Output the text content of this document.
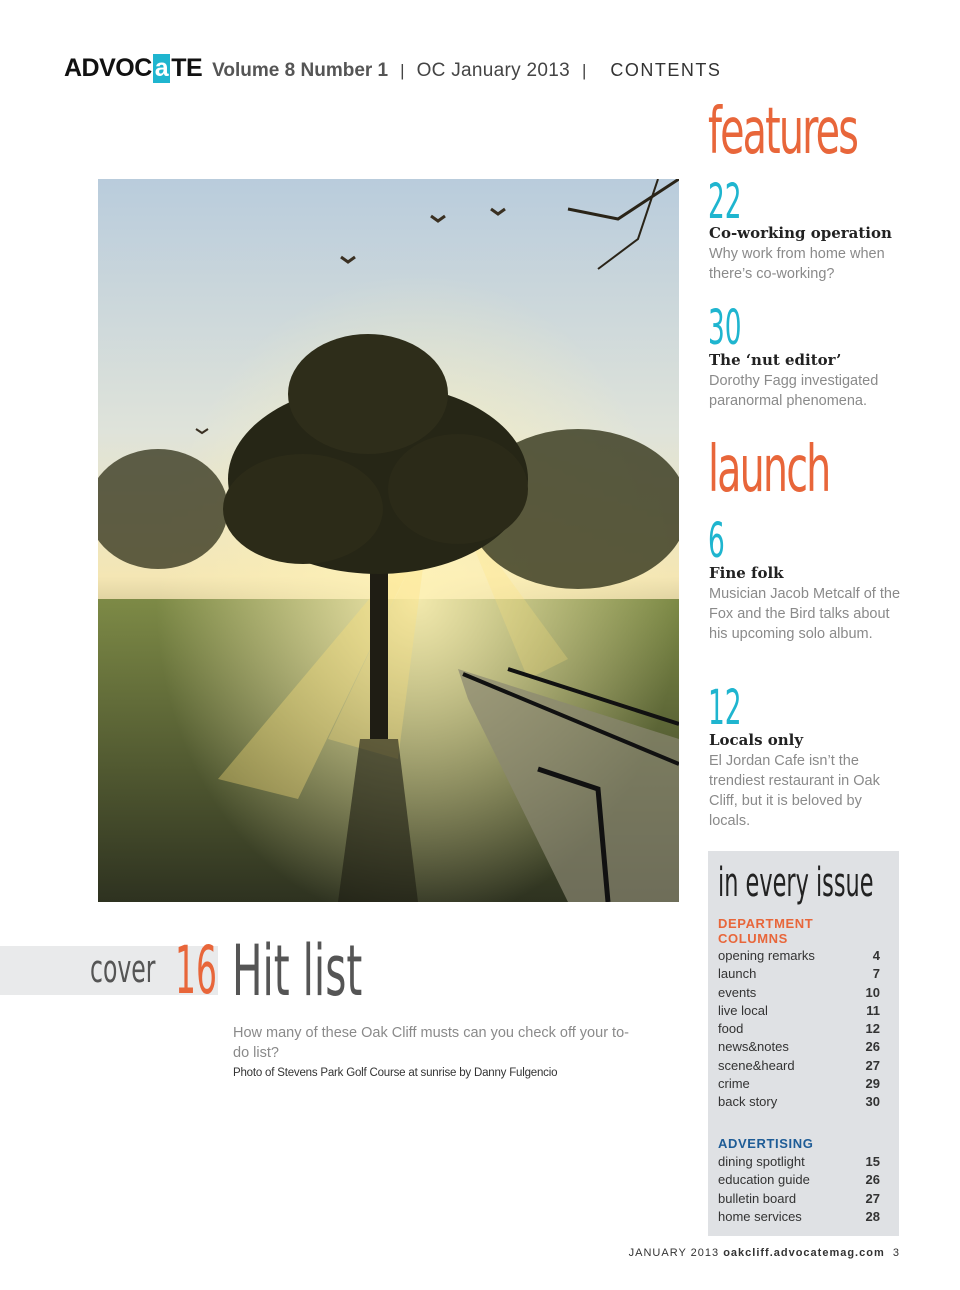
ADVOC a TE Volume 8 Number 1 | OC January 2013 | CONTENTS
features
22
Co-working operation
Why work from home when there’s co-working?
30
The ‘nut editor’
Dorothy Fagg investigated paranormal phenomena.
launch
6
Fine folk
Musician Jacob Metcalf of the Fox and the Bird talks about his upcoming solo album.
12
Locals only
El Jordan Cafe isn’t the trendiest restaurant in Oak Cliff, but it is beloved by locals.
in every issue
DEPARTMENT COLUMNS
opening remarks	4
launch	7
events	10
live local	11
food	12
news&notes	26
scene&heard	27
crime	29
back story	30
ADVERTISING
dining spotlight	15
education guide	26
bulletin board	27
home services	28
cover 16 Hit list
How many of these Oak Cliff musts can you check off your to-do list?
Photo of Stevens Park Golf Course at sunrise by Danny Fulgencio
JANUARY 2013 oakcliff.advocatemag.com 3
